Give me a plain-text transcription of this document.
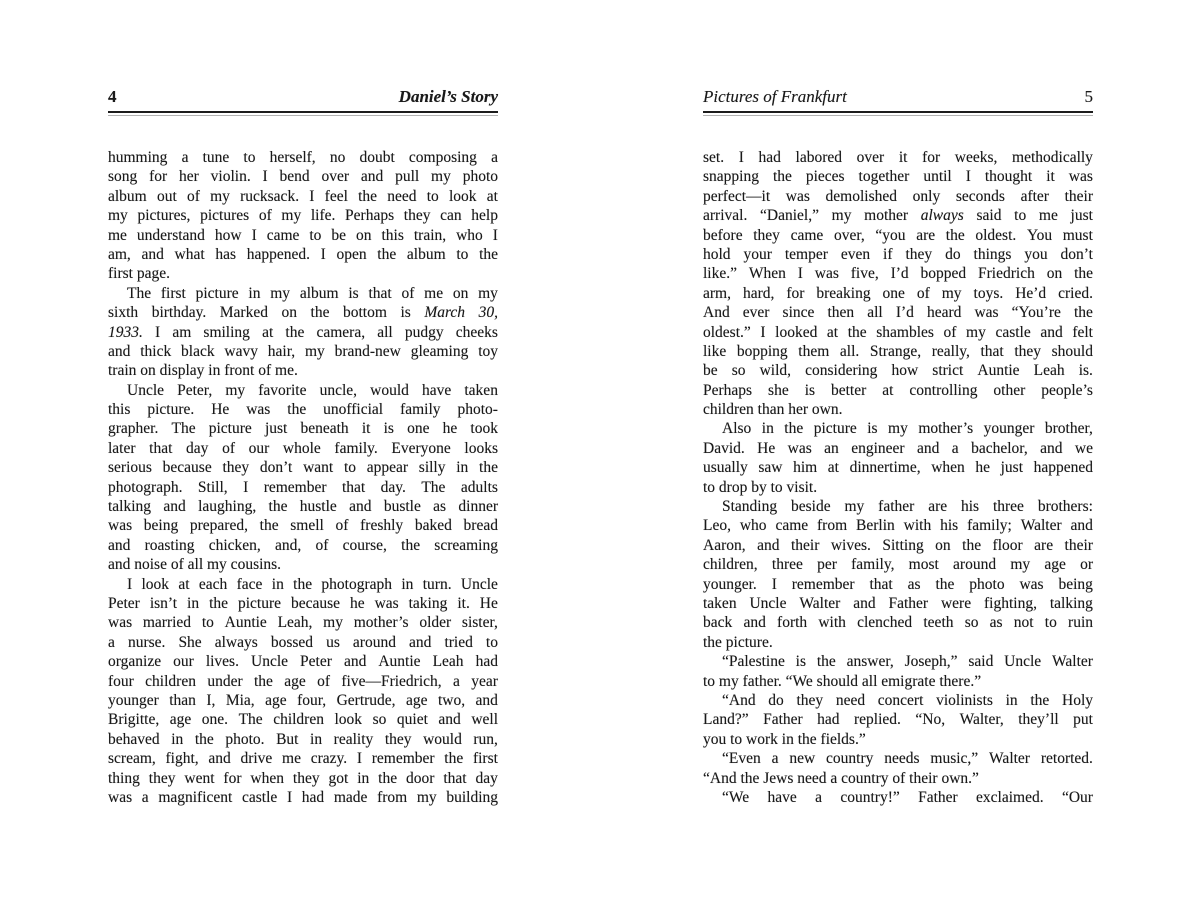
4	Daniel’s Story
humming a tune to herself, no doubt composing a
song for her violin. I bend over and pull my photo
album out of my rucksack. I feel the need to look at
my pictures, pictures of my life. Perhaps they can help
me understand how I came to be on this train, who I
am, and what has happened. I open the album to the
first page.
The first picture in my album is that of me on my
sixth birthday. Marked on the bottom is March 30,
1933. I am smiling at the camera, all pudgy cheeks
and thick black wavy hair, my brand-new gleaming toy
train on display in front of me.
Uncle Peter, my favorite uncle, would have taken
this picture. He was the unofficial family photo-
grapher. The picture just beneath it is one he took
later that day of our whole family. Everyone looks
serious because they don’t want to appear silly in the
photograph. Still, I remember that day. The adults
talking and laughing, the hustle and bustle as dinner
was being prepared, the smell of freshly baked bread
and roasting chicken, and, of course, the screaming
and noise of all my cousins.
I look at each face in the photograph in turn. Uncle
Peter isn’t in the picture because he was taking it. He
was married to Auntie Leah, my mother’s older sister,
a nurse. She always bossed us around and tried to
organize our lives. Uncle Peter and Auntie Leah had
four children under the age of five—Friedrich, a year
younger than I, Mia, age four, Gertrude, age two, and
Brigitte, age one. The children look so quiet and well
behaved in the photo. But in reality they would run,
scream, fight, and drive me crazy. I remember the first
thing they went for when they got in the door that day
was a magnificent castle I had made from my building
Pictures of Frankfurt	5
set. I had labored over it for weeks, methodically
snapping the pieces together until I thought it was
perfect—it was demolished only seconds after their
arrival. “Daniel,” my mother always said to me just
before they came over, “you are the oldest. You must
hold your temper even if they do things you don’t
like.” When I was five, I’d bopped Friedrich on the
arm, hard, for breaking one of my toys. He’d cried.
And ever since then all I’d heard was “You’re the
oldest.” I looked at the shambles of my castle and felt
like bopping them all. Strange, really, that they should
be so wild, considering how strict Auntie Leah is.
Perhaps she is better at controlling other people’s
children than her own.
Also in the picture is my mother’s younger brother,
David. He was an engineer and a bachelor, and we
usually saw him at dinnertime, when he just happened
to drop by to visit.
Standing beside my father are his three brothers:
Leo, who came from Berlin with his family; Walter and
Aaron, and their wives. Sitting on the floor are their
children, three per family, most around my age or
younger. I remember that as the photo was being
taken Uncle Walter and Father were fighting, talking
back and forth with clenched teeth so as not to ruin
the picture.
“Palestine is the answer, Joseph,” said Uncle Walter
to my father. “We should all emigrate there.”
“And do they need concert violinists in the Holy
Land?” Father had replied. “No, Walter, they’ll put
you to work in the fields.”
“Even a new country needs music,” Walter retorted.
“And the Jews need a country of their own.”
“We have a country!” Father exclaimed. “Our
